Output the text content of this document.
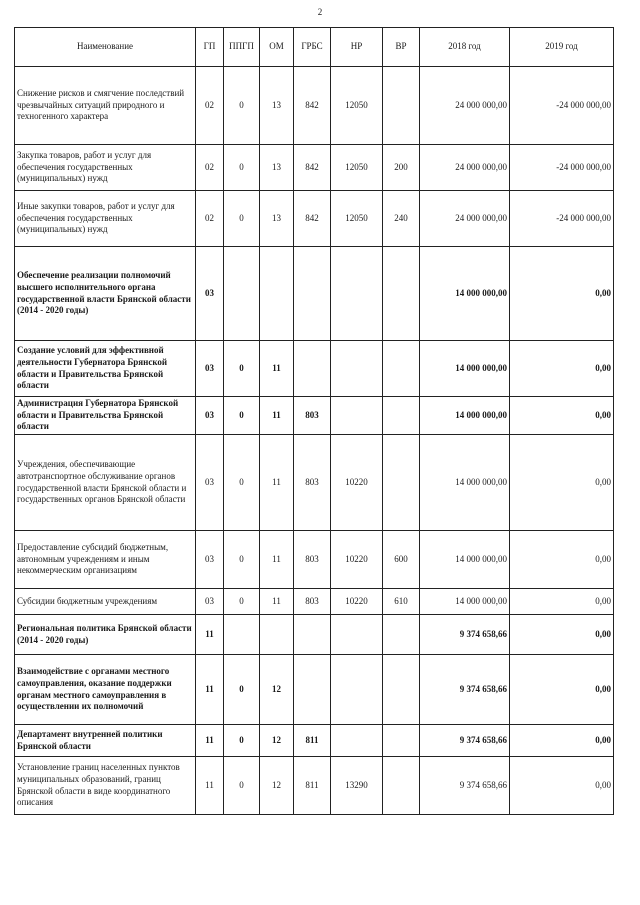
2
Наименование	ГП	ППГП	ОМ	ГРБС	НР	ВР	2018 год	2019 год
Снижение рисков и смягчение последствий чрезвычайных ситуаций природного и техногенного характера	02	0	13	842	12050		24 000 000,00	-24 000 000,00
Закупка товаров, работ и услуг для обеспечения государственных (муниципальных) нужд	02	0	13	842	12050	200	24 000 000,00	-24 000 000,00
Иные закупки товаров, работ и услуг для обеспечения государственных (муниципальных) нужд	02	0	13	842	12050	240	24 000 000,00	-24 000 000,00
Обеспечение реализации полномочий высшего исполнительного органа государственной власти Брянской области (2014 - 2020 годы)	03						14 000 000,00	0,00
Создание условий для эффективной деятельности Губернатора Брянской области и Правительства Брянской области	03	0	11				14 000 000,00	0,00
Администрация Губернатора Брянской области и Правительства Брянской области	03	0	11	803			14 000 000,00	0,00
Учреждения, обеспечивающие автотранспортное обслуживание органов государственной власти Брянской области и государственных органов Брянской области	03	0	11	803	10220		14 000 000,00	0,00
Предоставление субсидий бюджетным, автономным учреждениям и иным некоммерческим организациям	03	0	11	803	10220	600	14 000 000,00	0,00
Субсидии бюджетным учреждениям	03	0	11	803	10220	610	14 000 000,00	0,00
Региональная политика Брянской области (2014 - 2020 годы)	11						9 374 658,66	0,00
Взаимодействие с органами местного самоуправления, оказание поддержки органам местного самоуправления в осуществлении их полномочий	11	0	12				9 374 658,66	0,00
Департамент внутренней политики Брянской области	11	0	12	811			9 374 658,66	0,00
Установление границ населенных пунктов муниципальных образований, границ Брянской области в виде координатного описания	11	0	12	811	13290		9 374 658,66	0,00
